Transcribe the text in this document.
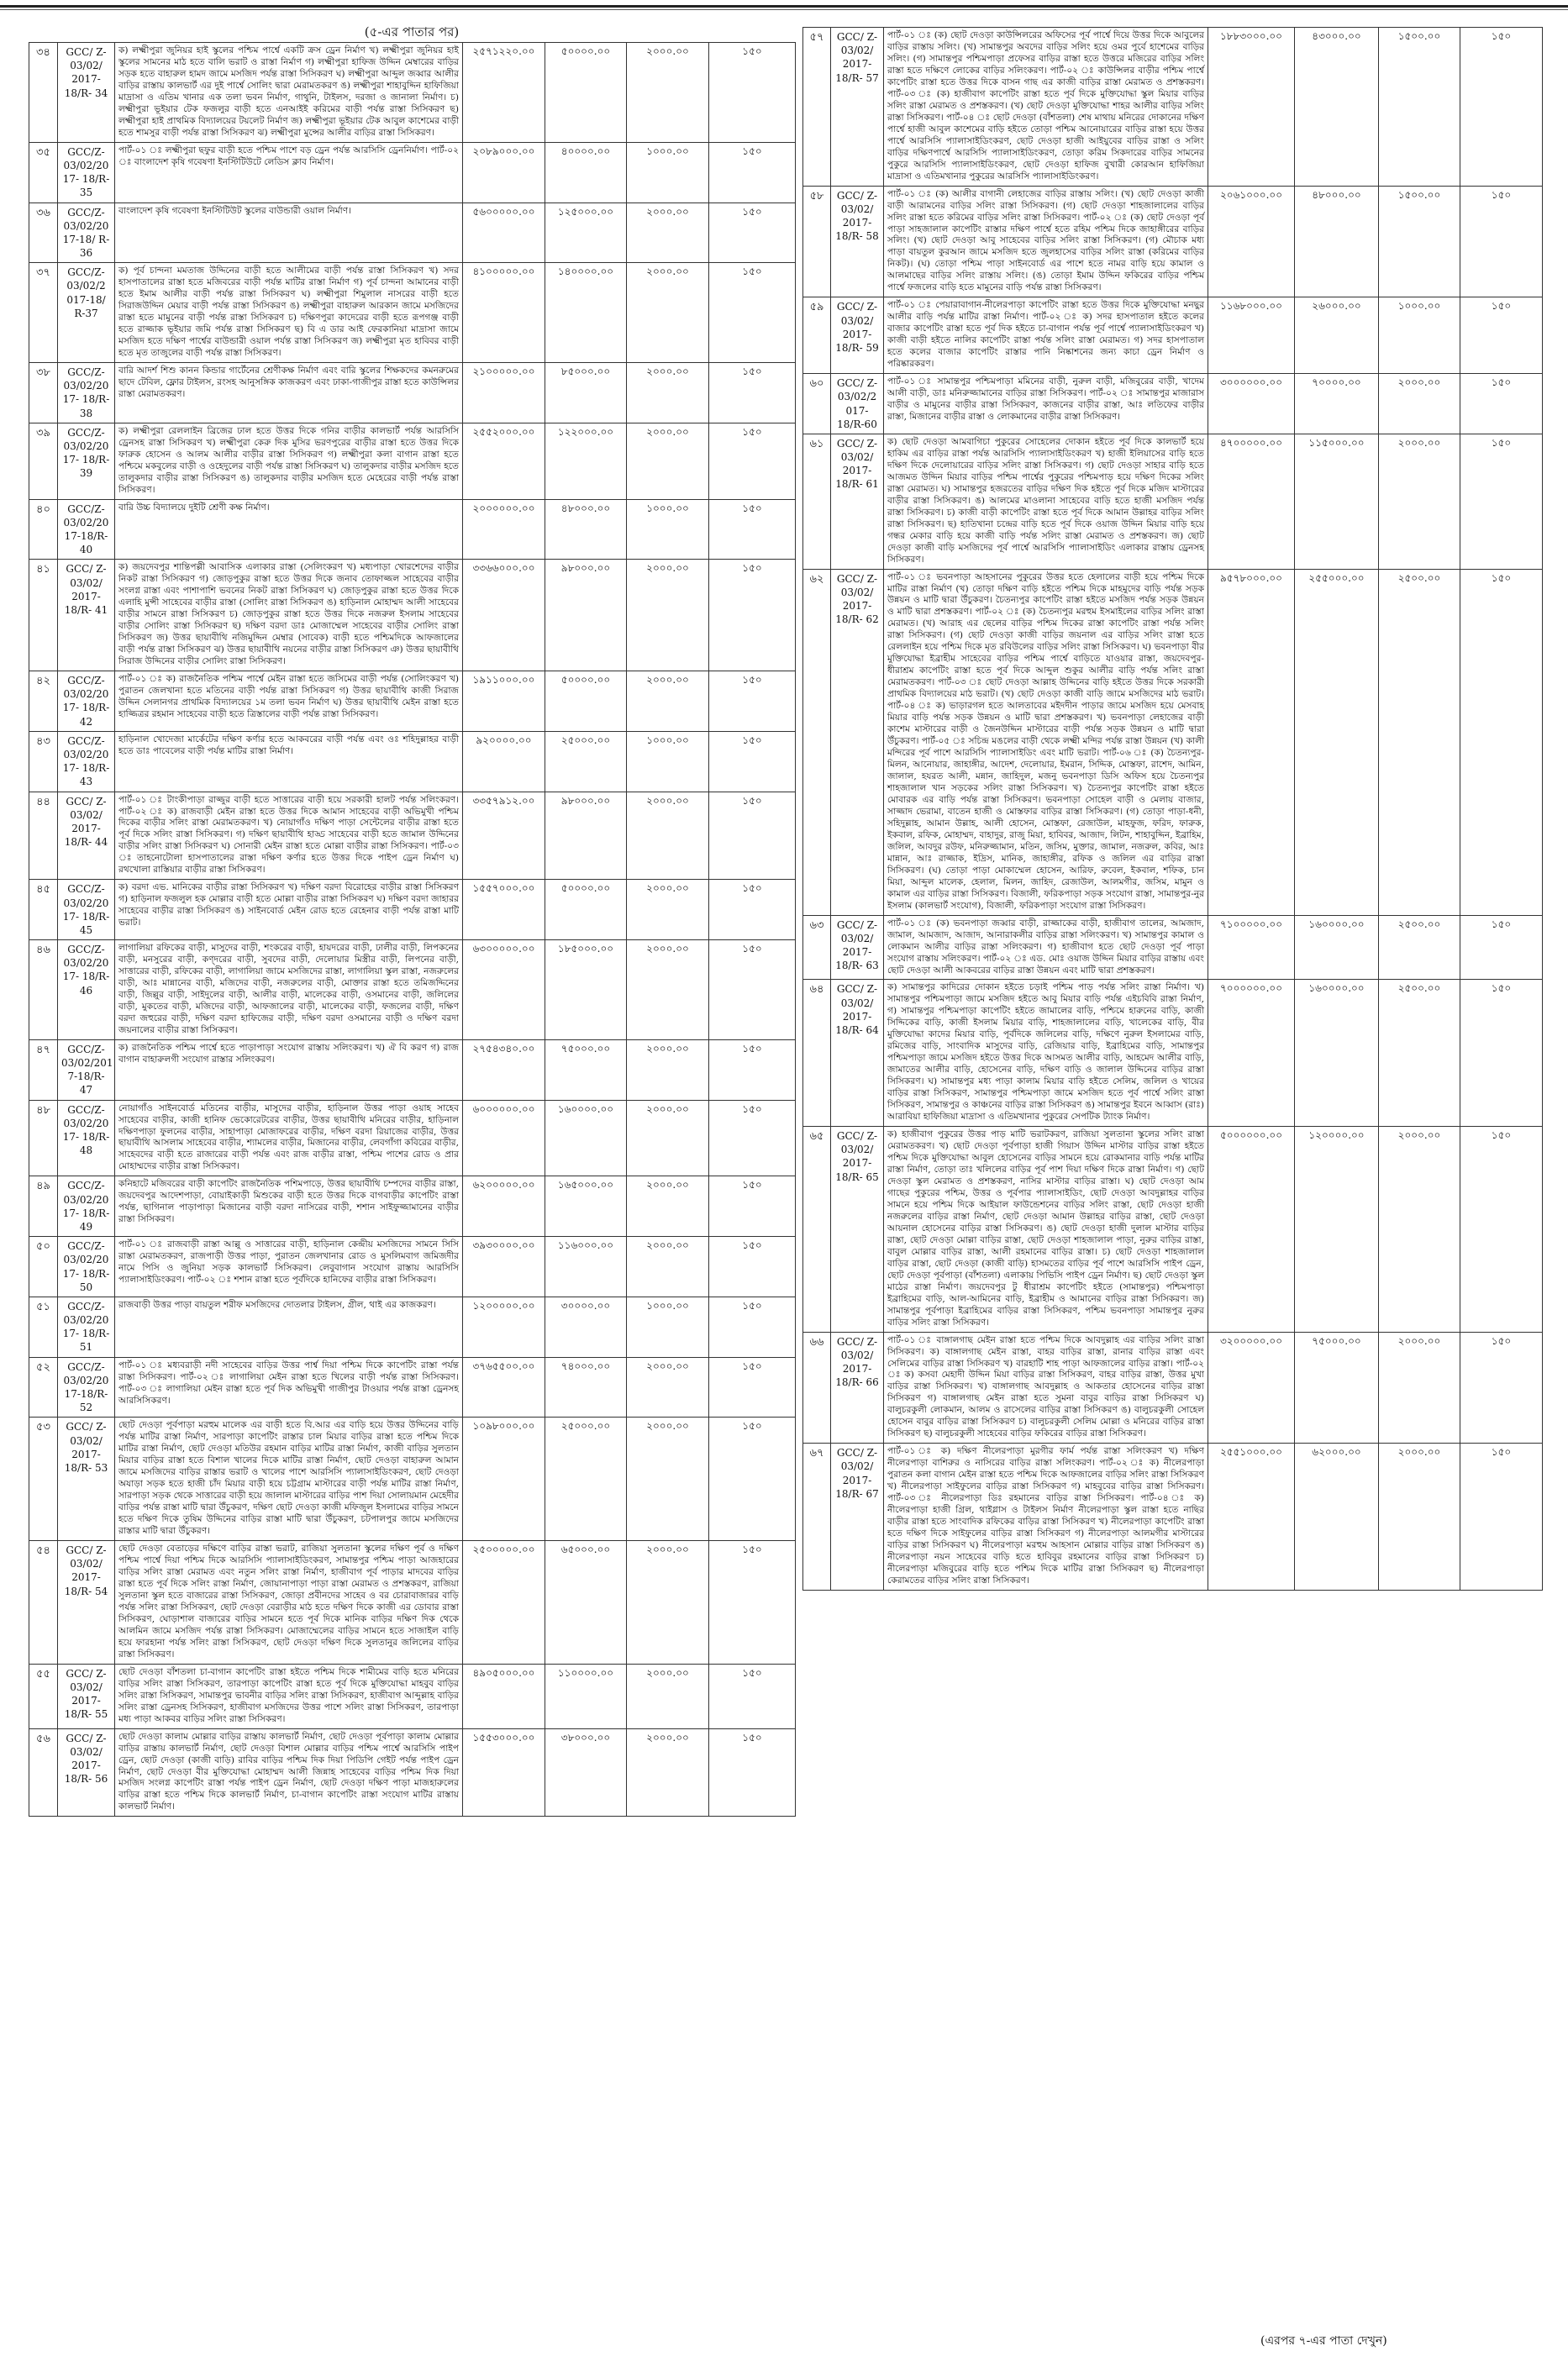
(৫-এর পাতার পর)
৩৪	GCC/ Z- 03/02/ 2017- 18/R- 34	ক) লক্ষ্মীপুরা জুনিয়র হাই স্কুলের পশ্চিম পার্শ্বে একটি ক্রস ড্রেন নির্মাণ খ) লক্ষ্মীপুরা জুনিয়র হাই স্কুলের সামনের মাঠ হতে বালি ভরাট ও রাস্তা নির্মাণ গ) লক্ষ্মীপুরা হাফিজ উদ্দিন মেম্বারের বাড়ির সড়ক হতে বাহারুল হামদ জামে মসজিদ পর্যন্ত রাস্তা সিসিকরণ ঘ) লক্ষ্মীপুরা আব্দুল জব্বার আলীর বাড়ির রাস্তায় কালভার্ট এর দুই পার্শ্বে সোলিং দ্বারা মেরামতকরণ ঙ) লক্ষ্মীপুরা শাহাবুদ্দিন হাফিজিয়া মাদ্রাসা ও এতিম খানার এক তলা ভবন নির্মাণ, গাথুনি, টাইলস, দরজা ও জানালা নির্মাণ। চ) লক্ষ্মীপুরা ভূইয়ার টেক ফজলুর বাড়ী হতে এনআইই করিমের বাড়ী পর্যন্ত রাস্তা সিসিকরণ ছ) লক্ষ্মীপুরা হাই প্রাথমিক বিদ্যালয়ের টয়লেট নির্মাণ জ) লক্ষ্মীপুরা ভূইয়ার টেক আবুল কাশেমের বাড়ী হতে শামসুর বাড়ী পর্যন্ত রাস্তা সিসিকরণ ঝ) লক্ষ্মীপুরা মুন্সের আলীর বাড়ির রাস্তা সিসিকরণ।	২৫৭১২২০.০০	৫০০০০.০০	২০০০.০০	১৫০
৩৫	GCC/Z- 03/02/20 17- 18/R-35	পার্ট-০১ ঃ লক্ষ্মীপুরা ছফুর বাড়ী হতে পশ্চিম পাশে বড় ড্রেন পর্যন্ত আরসিসি ড্রেননির্মাণ। পার্ট-০২ ঃ বাংলাদেশ কৃষি গবেষণা ইনস্টিটিউটে লেডিস ক্লাব নির্মাণ।	২০৮৯০০০.০০	৪০০০০.০০	১০০০.০০	১৫০
৩৬	GCC/Z- 03/02/20 17-18/ R-36	বাংলাদেশ কৃষি গবেষণা ইনস্টিটিউট স্কুলের বাউন্ডারী ওয়াল নির্মাণ।	৫৬০০০০০.০০	১২৫০০০.০০	২০০০.০০	১৫০
৩৭	GCC/Z- 03/02/2 017-18/ R-37	ক) পূর্ব চান্দনা মমতাজ উদ্দিনের বাড়ী হতে আলীমের বাড়ী পর্যন্ত রাস্তা সিসিকরণ খ) সদর হাসপাতালের রাস্তা হতে মজিবরের বাড়ী পর্যন্ত মাটির রাস্তা নির্মাণ গ) পূর্ব চান্দনা আমানের বাড়ী হতে ইমাম আলীর বাড়ী পর্যন্ত রাস্তা সিসিকরণ ঘ) লক্ষ্মীপুরা শিমুলাল নাসরের বাড়ী হতে সিরাজউদ্দিন মেয়ার বাড়ী পর্যন্ত রাস্তা সিসিকরণ ঙ) লক্ষ্মীপুরা বাহারুল আরকান জামে মসজিদের রাস্তা হতে মামুনের বাড়ী পর্যন্ত রাস্তা সিসিকরণ চ) দক্ষিণপুরা কাদেরের বাড়ী হতে রূপগঞ্জ বাড়ী হতে রাজ্জাক ভূইয়ার জমি পর্যন্ত রাস্তা সিসিকরণ ছ) বি এ ডার আই ফেরকানিয়া মাদ্রাসা জামে মসজিদ হতে দক্ষিণ পার্শ্বের বাউন্ডারী ওয়াল পর্যন্ত রাস্তা সিসিকরণ জ) লক্ষ্মীপুরা মৃত হাবিবর বাড়ী হতে মৃত তাজুলের বাড়ী পর্যন্ত রাস্তা সিসিকরণ।	৪১০০০০০.০০	১৪০০০০.০০	২০০০.০০	১৫০
৩৮	GCC/Z- 03/02/20 17- 18/R-38	বারি আদর্শ শিশু কানন কিন্ডার গার্টেনের শ্রেণীকক্ষ নির্মাণ এবং বারি স্কুলের শিক্ষকদের কমনরুমের ছাদে টেবিল, ফ্লোর টাইলস, রংসহ আনুসঙ্গিক কাজকরণ এবং ঢাকা-গাজীপুর রাস্তা হতে কাউন্সিলর রাস্তা মেরামতকরণ।	২১০০০০০.০০	৮৫০০০.০০	২০০০.০০	১৫০
৩৯	GCC/Z- 03/02/20 17- 18/R-39	ক) লক্ষ্মীপুরা রেললাইন ব্রিজের ঢাল হতে উত্তর দিকে গনির বাড়ীর কালভার্ট পর্যন্ত আরসিসি ড্রেনসহ রাস্তা সিসিকরণ খ) লক্ষ্মীপুরা কেরু দিক মুসির ভরণপুরের বাড়ীর রাস্তা হতে উত্তর দিকে ফারুক হোসেন ও আলম আলীর বাড়ীর রাস্তা সিসিকরণ গ) লক্ষ্মীপুরা কলা বাগান রাস্তা হতে পশ্চিমে মকবুলের বাড়ী ও ওহেদুলের বাড়ী পর্যন্ত রাস্তা সিসিকরণ ঘ) তালুকদার বাড়ীর মসজিদ হতে তালুকদার বাড়ীর রাস্তা সিসিকরণ ঙ) তালুকদার বাড়ীর মসজিদ হতে মেহেরের বাড়ী পর্যন্ত রাস্তা সিসিকরণ।	২৫৫২০০০.০০	১২২০০০.০০	২০০০.০০	১৫০
৪০	GCC/Z- 03/02/20 17-18/R- 40	বারি উচ্চ বিদ্যালয়ে দুইটি শ্রেণী কক্ষ নির্মাণ।	২০০০০০০.০০	৪৮০০০.০০	১০০০.০০	১৫০
৪১	GCC/ Z- 03/02/ 2017- 18/R- 41	ক) জয়দেবপুর শান্তিপল্লী আবাসিক এলাকার রাস্তা (সেলিংকরণ খ) মধ্যপাড়া খোরশেদের বাড়ীর নিকট রাস্তা সিসিকরণ গ) জোড়পুকুর রাস্তা হতে উত্তর দিকে জনাব তোফাজ্জল সাহেবের বাড়ীর সংলগ্ন রাস্তা এবং পাশাপাশি ভবনের নিকট রাস্তা সিসিকরণ ঘ) জোড়পুকুর রাস্তা হতে উত্তর দিকে এলাহি মুন্সী সাহেবের বাড়ীর রাস্তা (সোলিং রাস্তা সিসিকরণ ঙ) হাড়িনাল মোহাম্মদ আলী সাহেবের বাড়ীর সামনে রাস্তা সিসিকরণ চ) জোড়পুকুর রাস্তা হতে উত্তর দিকে নজরুল ইসলাম সাহেবের বাড়ীর সোলিং রাস্তা সিসিকরণ ছ) দক্ষিণ বরদা ডাঃ মোজাম্মেল সাহেবের বাড়ীর সোলিং রাস্তা সিসিকরণ জ) উত্তর ছায়াবীথি নজিমুদ্দিন মেম্বার (সাবেক) বাড়ী হতে পশ্চিমদিকে আফজালের বাড়ী পর্যন্ত রাস্তা সিসিকরণ ঝ) উত্তর ছায়াবীথি নয়নের বাড়ীর রাস্তা সিসিকরণ ঞ) উত্তর ছায়াবীথি সিরাজ উদ্দিনের বাড়ীর সোলিং রাস্তা সিসিকরণ।	৩৩৬৬০০০.০০	৯৮০০০.০০	২০০০.০০	১৫০
৪২	GCC/Z- 03/02/20 17- 18/R-42	পার্ট-০১ ঃ ক) রাজনৈতিক পশ্চিম পার্শ্বে মেইন রাস্তা হতে জসিমের বাড়ী পর্যন্ত (সোলিংকরণ খ) পুরাতন জেলখানা হতে মতিনের বাড়ী পর্যন্ত রাস্তা সিসিকরণ গ) উত্তর ছায়াবীথি কাজী সিরাজ উদ্দিন সেলানগর প্রাথমিক বিদ্যালয়ের ১ম তলা ভবন নির্মাণ ঘ) উত্তর ছায়াবীথি মেইন রাস্তা হতে হাজ্জিত্রর রহমান সাহেবের বাড়ী হতে ত্রিস্তালের বাড়ী পর্যন্ত রাস্তা সিসিকরণ।	১৯১১০০০.০০	৫০০০০.০০	২০০০.০০	১৫০
৪৩	GCC/Z- 03/02/20 17- 18/R-43	হাড়িনাল খোদেজা মার্কেটের দক্ষিণ কর্ণার হতে আকবরের বাড়ী পর্যন্ত এবং ওঃ শহিদুল্লাহর বাড়ী হতে ডাঃ পাবেলের বাড়ী পর্যন্ত মাটির রাস্তা নির্মাণ।	৯২০০০০.০০	২৫০০০.০০	১০০০.০০	১৫০
৪৪	GCC/ Z- 03/02/ 2017- 18/R- 44	পার্ট-০১ ঃ টাংকীপাড়া রাজ্জুর বাড়ী হতে সাত্তারের বাড়ী হয়ে সরকারী হালট পর্যন্ত সলিংকরণ। পার্ট-০২ ঃ ক) রাজবাড়ী মেইন রাস্তা হতে উত্তর দিকে আমান সাহেবের বাড়ী অভিমুখী পশ্চিম দিকের বাড়ীর সলিং রাস্তা মেরামতকরণ। খ) নোয়াগাঁও দক্ষিণ পাড়া সেন্টেলের বাড়ীর রাস্তা হতে পূর্ব দিকে সলিং রাস্তা সিসিকরণ। গ) দক্ষিণ ছায়াবীথি হাড্ড সাহেবের বাড়ী হতে জামাল উদ্দিনের বাড়ীর সলিং রাস্তা সিসিকরণ ঘ) সোনারী মেইন রাস্তা হতে মোল্লা বাড়ীর রাস্তা সিসিকরণ। পার্ট-০৩ ঃ তাহনোটোলা হাসপাতালের রাস্তা দক্ষিণ কর্ণার হতে উত্তর দিকে পাইপ ড্রেন নির্মাণ ঘ) রথখোলা রাস্তিয়ার বাড়ীর রাস্তা সিসিকরণ।	৩৩৫৭৯১২.০০	৯৮০০০.০০	২০০০.০০	১৫০
৪৫	GCC/Z- 03/02/20 17- 18/R-45	ক) বরদা এভ. মানিকের বাড়ীর রাস্তা সিসিকরণ খ) দক্ষিণ বরদা বিরোহের বাড়ীর রাস্তা সিসিকরণ গ) হাড়িনাল ফজলুল হক মোল্লার বাড়ী হতে মোল্লা বাড়ীর রাস্তা সিসিকরণ ঘ) দক্ষিণ বরদা জাহারর সাহেবের বাড়ীর রাস্তা সিসিকরণ ঙ) সাইনবোর্ড মেইন রোড হতে রেহেনার বাড়ী পর্যন্ত রাস্তা মাটি ভরাট।	১৫৫৭০০০.০০	৫০০০০.০০	২০০০.০০	১৫০
৪৬	GCC/Z- 03/02/20 17- 18/R- 46	লাগালিয়া রফিকের বাড়ী, মাসুদের বাড়ী, শংকরের বাড়ী, হায়দরের বাড়ী, ঢালীর বাড়ী, লিপকনের বাড়ী, মনসুরের বাড়ী, কণ্দরের বাড়ী, সুবদের বাড়ী, দেলোয়ার মিস্ত্রীর বাড়ী, লিপনের বাড়ী, সাত্তারের বাড়ী, রফিকের বাড়ী, লাগালিয়া জামে মসজিদের রাস্তা, লাগালিয়া স্কুল রাস্তা, নজরুলের বাড়ী, আঃ মান্নানের বাড়ী, মজিদের বাড়ী, নজরুলের বাড়ী, মোক্তার রাস্তা হতে তমিজদ্দিনের বাড়ী, জিল্লুর বাড়ী, সাইদুলের বাড়ী, আলীর বাড়ী, মালেকের বাড়ী, ওসমানের বাড়ী, জলিলের বাড়ী, মুকতের বাড়ী, মজিদের বাড়ী, আফজালের বাড়ী, মালেকের বাড়ী, ফজলের বাড়ী, দক্ষিণ বরদা জহুরের বাড়ী, দক্ষিণ বরদা হাফিজের বাড়ী, দক্ষিণ বরদা ওসমানের বাড়ী ও দক্ষিণ বরদা জয়নালের বাড়ীর রাস্তা সিসিকরণ।	৬৩০০০০০.০০	১৮৫০০০.০০	২০০০.০০	১৫০
৪৭	GCC/Z- 03/02/201 7-18/R-47	ক) রাজনৈতিক পশ্চিম পার্শ্বে হতে পাড়াপাড়া সংযোগ রাস্তায় সলিংকরণ। খ) ঐ বি করণ গ) রাজ বাগান বাহারুলগী সংযোগ রাস্তার সলিংকরণ।	২৭৫৪৩৪০.০০	৭৫০০০.০০	২০০০.০০	১৫০
৪৮	GCC/Z- 03/02/20 17- 18/R-48	নোয়াগাঁও সাইনবোর্ড মতিনের বাড়ীর, মাসুদের বাড়ীর, হাড়িনাল উত্তর পাড়া ওয়াহ সাহেব সাহেবের বাড়ীর, কাজী হানিফ ভেকোরেটরের বাড়ীর, উত্তর ছায়াবীথি মনিরের বাড়ীর, হাড়িনাল দক্ষিণপাড়া ফুলনের বাড়ীর, সাহাপাড়া মোজাফরের বাড়ীর, দক্ষিণ বরদা রিয়াজের বাড়ীর, উত্তর ছায়াবীথি আসলাম সাহেবের বাড়ীর, শ্যামলের বাড়ীর, মিজানের বাড়ীর, লেবগাঁগা কবিরের বাড়ীর, সাহেবদের বাড়ী হতে রাজারের বাড়ী পর্যন্ত এবং রাজ বাড়ীর রাস্তা, পশ্চিম পাশের রোড ও প্রার মোহাম্মদের বাড়ীর রাস্তা সিসিকরণ।	৬০০০০০০.০০	১৬০০০০.০০	২০০০.০০	১৫০
৪৯	GCC/Z- 03/02/20 17- 18/R-49	কনিহাটে মজিবরের বাড়ী কাপেটিং রাজনৈতিক পশিমপাড়ে, উত্তর ছায়াবীথি চম্পদের বাড়ীর রাস্তা, জয়দেবপুর আদেশপাড়া, বোয়াইকাড়ী মিশুকের বাড়ী হতে উত্তর দিকে বাগবাড়ীর কাপেটিং রাস্তা পর্যন্ত, ছাগিনাল পাড়াপাড়া মিজানের বাড়ী বরদা নাসিরের বাড়ী, শশান সাইফুজ্জামানের বাড়ীর রাস্তা সিসিকরণ।	৬২০০০০০.০০	১৬৫০০০.০০	২০০০.০০	১৫০
৫০	GCC/Z- 03/02/20 17- 18/R-50	পার্ট-০১ ঃ রাজবাড়ী রাস্তা আল্লু ও সাত্তারের বাড়ী, হাড়িনাল কেন্দ্রীয় মসজিদের সামনে সিসি রাস্তা মেরামতকরণ, রাজপাড়ী উত্তর পাড়া, পুরাতন জেলখানার রোড ও মুসলিমবাগ জমিজদীর নামে পিসি ও জুনিয়া সড়ক কালভার্ট সিসিকরণ। লেবুবাগান সংযোগ রাস্তায় আরসিসি প্যালাসাইডিংকরণ। পার্ট-০২ ঃ শশান রাস্তা হতে পূর্বদিকে হানিফের বাড়ীর রাস্তা সিসিকরণ।	৩৯৩০০০০.০০	১১৬০০০.০০	২০০০.০০	১৫০
৫১	GCC/Z- 03/02/20 17- 18/R-51	রাজবাড়ী উত্তর পাড়া বায়তুল শরীফ মসজিদের দোতলার টাইলস, গ্রীল, থাই এর কাজকরণ।	১২০০০০০.০০	৩০০০০.০০	১০০০.০০	১৫০
৫২	GCC/Z- 03/02/20 17-18/R- 52	পার্ট-০১ ঃ মধ্যবরাড়ী নদী সাহেবের বাড়ির উত্তর পার্শ্ব দিয়া পশ্চিম দিকে কাপেটিং রাস্তা পর্যন্ত রাস্তা সিসিকরণ। পার্ট-০২ ঃ লাগালিয়া মেইন রাস্তা হতে খিলের বাড়ী পর্যন্ত রাস্তা সিসিকরণ। পার্ট-০৩ ঃ লাগালিয়া মেইন রাস্তা হতে পূর্ব দিক অভিমুখী গাজীপুর টাওয়ার পর্যন্ত রাস্তা ড্রেনসহ আরসিসিকরণ।	৩৭৬৫৫০০.০০	৭৪০০০.০০	২০০০.০০	১৫০
৫৩	GCC/ Z- 03/02/ 2017- 18/R- 53	ছোট দেওড়া পূর্বপাড়া মরহুম মালেক এর বাড়ী হতে বি.আর এর বাড়ি হয়ে উত্তর উদ্দিনের বাড়ি পর্যন্ত মাটির রাস্তা নির্মাণ, সারপাড়া কাপেটিং রাস্তার চাল মিয়ার বাড়ির রাস্তা হতে পশ্চিম দিকে মাটির রাস্তা নির্মাণ, ছোট দেওড়া মতিউর রহমান বাড়ির মাটির রাস্তা নির্মাণ, কাজী বাড়ির সুলতান মিয়ার বাড়ির রাস্তা হতে বিশাল খালের দিকে মাটির রাস্তা নির্মাণ, ছোট দেওড়া বাহারুল আমান জামে মসজিদের বাড়ির রাস্তার ভরাট ও খালের পাশে আরসিসি প্যালাসাইডিংকরণ, ছোট দেওড়া অযাড়া সড়ক হতে হাজী চাঁদ মিয়ার বাড়ী হয়ে চট্টগ্রাম মাস্টারের বাড়ী পর্যন্ত মাটির রাস্তা নির্মাণ, সারপাড়া সড়ক থেকে সাত্তারের বাড়ী হয়ে জালাল মাস্টারের বাড়ির পাশ দিয়া সোলায়মান মেহেদীর বাড়ির পর্যন্ত রাস্তা মাটি দ্বারা উঁচুকরণ, দক্ষিণ ছোট দেওড়া কাজী মফিজুল ইসলামের বাড়ির সামনে হতে দক্ষিণ দিকে তুষিম উদ্দিনের বাড়ির রাস্তা মাটি দ্বারা উঁচুকরণ, চটপালপুর জামে মসজিদের রাস্তার মাটি দ্বারা উঁচুকরণ।	১০৯৮০০০.০০	২৫০০০.০০	২০০০.০০	১৫০
৫৪	GCC/ Z- 03/02/ 2017- 18/R- 54	ছোট দেওড়া বেতাড়ের দক্ষিণে বাড়ির রাস্তা ভরাট, রাজিয়া সুলতানা স্কুলের দক্ষিণ পূর্ব ও দক্ষিণ পশ্চিম পার্শ্বে দিয়া পশ্চিম দিকে আরসিসি প্যালাসাইডিংকরণ, সামান্তপুর পশ্চিম পাড়া আজহারের বাড়ির সলিং রাস্তা মেরামত এবং নতুন সলিং রাস্তা নির্মাণ, হাজীবাগ পূর্ব পাড়ার মাদবের বাড়ির রাস্তা হতে পূর্ব দিকে সলিং রাস্তা নির্মাণ, জোয়ানাপাড়া পাড়া রাস্তা মেরামত ও প্রশস্তকরণ, রাজিয়া সুলতানা স্কুল হতে বাজারের রাস্তা সিসিকরণ, জোড়া প্রবীনদের সাহেব ও বর চোরাবাজারর বাড়ি পর্যন্ত সলিং রাস্তা সিসিকরণ, ছোট দেওড়া বেরাড়ীর মাঠ হতে দক্ষিণ দিকে কাজী এর ডোবার রাস্তা সিসিকরণ, ঘোড়াশাল বাজারের বাড়ির সামনে হতে পূর্ব দিকে মানিক বাড়ির দক্ষিণ দিক থেকে আলমিন জামে মসজিদ পর্যন্ত রাস্তা সিসিকরণ। মোজাম্মেলের বাড়ির সামনে হতে সাজাইল বাড়ি হয়ে ফারহানা পর্যন্ত সলিং রাস্তা সিসিকরণ, ছোট দেওড়া দক্ষিণ দিকে সুলতানুর জলিলের বাড়ির রাস্তা সিসিকরণ।	২৫০০০০০.০০	৬৫০০০.০০	২০০০.০০	১৫০
৫৫	GCC/ Z- 03/02/ 2017- 18/R- 55	ছোট দেওড়া বাঁশতলা চা-বাগান কাপেটিং রাস্তা হইতে পশ্চিম দিকে শামীমের বাড়ি হতে মনিরের বাড়ির সলিং রাস্তা সিসিকরণ, তারপাড়া কাপেটিং রাস্তা হতে পূর্ব দিকে মুক্তিযোদ্ধা মাহবুব বাড়ির সলিং রাস্তা সিসিকরণ, সামান্তপুর ভাবনীর বাড়ির সলিং রাস্তা সিসিকরণ, হাজীবাগ আব্দুল্লাহ বাড়ির সলিং রাস্তা ড্রেনসহ সিসিকরণ, হাজীবাগ মসজিদের উত্তর পাশে সলিং রাস্তা সিসিকরণ, তারপাড়া মধ্য পাড়া আকবর বাড়ির সলিং রাস্তা সিসিকরণ।	৪৯০৫০০০.০০	১১০০০০.০০	২০০০.০০	১৫০
৫৬	GCC/ Z- 03/02/ 2017- 18/R- 56	ছোট দেওড়া কালাম মোল্লার বাড়ির রাস্তায় কালভার্ট নির্মাণ, ছোট দেওড়া পূর্বপাড়া কালাম মোল্লার বাড়ির রাস্তায় কালভার্ট নির্মাণ, ছোট দেওড়া বিশাল মোল্লার বাড়ির পশ্চিম পার্শ্বে আরসিসি পাইপ ড্রেন, ছোট দেওড়া (কাজী বাড়ি) রাবির বাড়ির পশ্চিম দিক দিয়া পিডিপি গেইট পর্যন্ত পাইপ ড্রেন নির্মাণ, ছোট দেওড়া বীর মুক্তিযোদ্ধা মোহাম্মদ আলী জিন্নাহ সাহেবের বাড়ির পশ্চিম দিক দিয়া মসজিদ সংলগ্ন কাপেটিং রাস্তা পর্যন্ত পাইপ ড্রেন নির্মাণ, ছোট দেওড়া দক্ষিণ পাড়া মাজহারুলের বাড়ির রাস্তা হতে পশ্চিম দিকে কালভার্ট নির্মাণ, চা-বাগান কাপেটিং রাস্তা সংযোগ মাটির রাস্তায় কালভার্ট নির্মাণ।	১৫৫৩০০০.০০	৩৮০০০.০০	২০০০.০০	১৫০
৫৭	GCC/ Z- 03/02/ 2017- 18/R- 57	পার্ট-০১ ঃ (ক) ছোট দেওড়া কাউন্সিলরের অফিসের পূর্ব পার্শ্বে দিয়ে উত্তর দিকে আবুলের বাড়ির রাস্তায় সলিং। (খ) সামান্তপুর অবদের বাড়ির সলিং হয়ে ওমর পুর্বে হাশেমের বাড়ির সলিং। (গ) সামান্তপুর পশ্চিমপাড়া প্রফেসর বাড়ির রাস্তা হতে উত্তরে মজিরের বাড়ির সলিং রাস্তা হতে দক্ষিণে লোকের বাড়ির সলিংকরণ। পার্ট-০২ ঃ কাউন্সিলর বাড়ীর পশ্চিম পার্শ্বে কাপেটিং রাস্তা হতে উত্তর দিকে বাসন গাছ এর কাজী বাড়ির রাস্তা মেরামত ও প্রশস্তকরণ। পার্ট-০৩ ঃ (ক) হাজীবাগ কাপেটিং রাস্তা হতে পূর্ব দিকে মুক্তিযোদ্ধা স্কুল মিয়ার বাড়ির সলিং রাস্তা মেরামত ও প্রশস্তকরণ। (খ) ছোট দেওড়া মুক্তিযোদ্ধা শাহর আলীর বাড়ির সলিং রাস্তা সিসিকরণ। পার্ট-০৪ ঃ ছোট দেওড়া (বাঁশতলা) শেষ মাথায় মনিরের দোকানের দক্ষিণ পার্শ্বে হাজী আবুল কাশেমের বাড়ি হইতে তোড়া পশ্চিম আনোয়ারের বাড়ির রাস্তা হয়ে উত্তর পার্শ্বে আরসিসি প্যালাসাইডিংকরণ, ছোট দেওড়া হাজী আইয়ুবের বাড়ির রাস্তা ও সলিং বাড়ির দক্ষিণপার্শ্বে আরসিসি প্যালাসাইডিংকরণ, তোড়া করিম সিকদারের বাড়ির সামনের পুকুরে আরসিসি প্যালাসাইডিংকরণ, ছোট দেওড়া হাফিজ বুখারী কোরআন হাফিজিয়া মাদ্রাসা ও এতিমখানার পুকুরের আরসিসি প্যালাসাইডিংকরণ।	১৮৮৩০০০.০০	৪৩০০০.০০	১৫০০.০০	১৫০
৫৮	GCC/ Z- 03/02/ 2017- 18/R- 58	পার্ট-০১ ঃ (ক) আলীর বাগানী লেহাজের বাড়ির রাস্তায় সলিং। (খ) ছোট দেওড়া কাজী বাড়ী আরামনের বাড়ির সলিং রাস্তা সিসিকরণ। (গ) ছোট দেওড়া শাহজালালের বাড়ির সলিং রাস্তা হতে করিমের বাড়ির সলিং রাস্তা সিসিকরণ। পার্ট-০২ ঃ (ক) ছোট দেওড়া পূর্ব পাড়া সাহজালাল কাপেটিং রাস্তার দক্ষিণ পার্শ্বে হতে রহিম পশ্চিম দিকে জাহাঙ্গীরের বাড়ির সলিং। (খ) ছোট দেওড়া আবু সাহেবের বাড়ির সলিং রাস্তা সিসিকরণ। (গ) মৌচাক মধ্য পাড়া বায়তুল কুরআন জামে মসজিদ হতে জুলহাসের বাড়ির সলিং রাস্তা (করিমের বাড়ির নিকট)। (ঘ) তোড়া পশ্চিম পাড়া সাইনবোর্ড এর পাশে হতে নামর বাড়ি হয়ে কামাল ও আলমাছের বাড়ির সলিং রাস্তায় সলিং। (ঙ) তোড়া ইমাম উদ্দিন ফকিরের বাড়ির পশ্চিম পার্শ্বে ফজলের বাড়ি হতে মামুনের বাড়ি পর্যন্ত রাস্তা সিসিকরণ।	২০৬১০০০.০০	৪৮০০০.০০	১৫০০.০০	১৫০
৫৯	GCC/ Z- 03/02/ 2017- 18/R- 59	পার্ট-০১ ঃ পেয়ারাবাগান-নীলেরপাড়া কাপেটিং রাস্তা হতে উত্তর দিকে মুক্তিযোদ্ধা মনছুর আলীর বাড়ি পর্যন্ত মাটির রাস্তা নির্মাণ। পার্ট-০২ ঃ ক) সদর হাসপাতাল হইতে কলের বাজার কাপেটিং রাস্তা হতে পূর্ব দিক হইতে চা-বাগান পর্যন্ত পূর্ব পার্শ্বে প্যালাসাইডিংকরণ খ) কাজী বাড়ী হইতে নালির কাপেটিং রাস্তা পর্যন্ত সলিং রাস্তা মেরামত। গ) সদর হাসপাতাল হতে কলের বাজার কাপেটিং রাস্তার পানি নিষ্কাশনের জন্য কাচা ড্রেন নির্মাণ ও পরিষ্কারকরণ।	১১৬৮০০০.০০	২৬০০০.০০	১০০০.০০	১৫০
৬০	GCC/ Z- 03/02/2 017- 18/R-60	পার্ট-০১ ঃ সামান্তপুর পশ্চিমপাড়া মমিনের বাড়ী, নুরুল বাড়ী, মজিবুরের বাড়ী, খাদেম আলী বাড়ী, ডাঃ মনিরুজ্জামানের বাড়ির রাস্তা সিসিকরণ। পার্ট-০২ ঃ সামান্তপুর মাজারাস বাড়ীর ও মামুনের বাড়ীর রাস্তা সিসিকরণ, কাজনের বাড়ীর রাস্তা, আঃ লতিফের বাড়ীর রাস্তা, মিজানের বাড়ীর রাস্তা ও লোকমানের বাড়ীর রাস্তা সিসিকরণ।	৩০০০০০০.০০	৭০০০০.০০	২০০০.০০	১৫০
৬১	GCC/ Z- 03/02/ 2017- 18/R- 61	ক) ছোট দেওড়া আমবাগিচা পুকুরের সোহেলের দোকান হইতে পূর্ব দিকে কালভার্ট হয়ে হাকিম এর বাড়ির রাস্তা পর্যন্ত আরসিসি প্যালাসাইডিংকরণ খ) হাজী ইলিয়াসের বাড়ি হতে দক্ষিণ দিকে দেলোয়ারের বাড়ির সলিং রাস্তা সিসিকরণ। গ) ছোট দেওড়া সাহার বাড়ি হতে আজমত উদ্দিন মিয়ার বাড়ির পশ্চিম পার্শ্বের পুকুরের পশ্চিমপাড় হয়ে দক্ষিণ দিকের সলিং রাস্তা মেরামত। ঘ) সামান্তপুর হজরতের বাড়ির দক্ষিণ দিক হইতে পূর্ব দিকে মজিদ মাস্টারের বাড়ীর রাস্তা সিসিকরণ। ঙ) আলমের মাওলানা সাহেবের বাড়ি হতে হাজী মসজিদ পর্যন্ত রাস্তা সিসিকরণ। চ) কাজী বাড়ী কাপেটিং রাস্তা হতে পূর্ব দিকে আমান উল্লাহর বাড়ির সলিং রাস্তা সিসিকরণ। ছ) হাতিখানা চন্দ্রের বাড়ি হতে পূর্ব দিকে ওয়াজ উদ্দিন মিয়ার বাড়ি হয়ে গন্ধর মেকার বাড়ি হয়ে কাজী বাড়ি পর্যন্ত সলিং রাস্তা মেরামত ও প্রশস্তকরণ। জ) ছোট দেওড়া কাজী বাড়ি মসজিদের পূর্ব পার্শ্বে আরসিসি প্যালাসাইডিং এলাকার রাস্তায় ড্রেনসহ সিসিকরণ।	৪৭০০০০০.০০	১১৫০০০.০০	২০০০.০০	১৫০
৬২	GCC/ Z- 03/02/ 2017- 18/R- 62	পার্ট-০১ ঃ ভবনপাড়া আহসানের পুকুরের উত্তর হতে হেলালের বাড়ী হয়ে পশ্চিম দিকে মাটির রাস্তা নির্মাণ (খ) তোড়া দক্ষিণ বাড়ি হইতে পশ্চিম দিকে মাহমুদের বাড়ি পর্যন্ত সড়ক উন্নয়ন ও মাটি দ্বারা উঁচুকরণ। চৈতন্যপুর কাপেটিং রাস্তা হইতে মসজিদ পর্যন্ত সড়ক উন্নয়ন ও মাটি দ্বারা প্রশস্তকরণ। পার্ট-০২ ঃ (ক) চৈতন্যপুর মরহুম ইসমাইলের বাড়ির সলিং রাস্তা মেরামত। (খ) আরাহ এর ছেলের বাড়ির পশ্চিম দিকের রাস্তা কাপেটিং রাস্তা পর্যন্ত সলিং রাস্তা সিসিকরণ। (গ) ছোট দেওড়া কাজী বাড়ির জয়নাল এর বাড়ির সলিং রাস্তা হতে রেললাইন হয়ে পশ্চিম দিকে মৃত রবিউলের বাড়ির সলিং রাস্তা সিসিকরণ। ঘ) ভবনপাড়া বীর মুক্তিযোদ্ধা ইব্রাহীম সাহেবের বাড়ির পশ্চিম পার্শ্বে বাড়িতে যাওয়ার রাস্তা, জয়দেবপুর-ধীরাশ্রম কাপেটিং রাস্তা হতে পূর্ব দিকে আব্দুল শুকুর আলীর বাড়ি পর্যন্ত সলিং রাস্তা মেরামতকরণ। পার্ট-০৩ ঃ ছোট দেওড়া আল্লাহ উদ্দিনের বাড়ি হইতে উত্তর দিকে সরকারী প্রাথমিক বিদ্যালয়ের মাঠ ভরাট। (খ) ছোট দেওড়া কাজী বাড়ি জামে মসজিদের মাঠ ভরাট। পার্ট-০৪ ঃ ক) ভাড়ারগল হতে আলতাবের মইদদীন পাড়ার জামে মসজিদ হয়ে মেসবাহ মিয়ার বাড়ি পর্যন্ত সড়ক উন্নয়ন ও মাটি দ্বারা প্রশস্তকরণ। খ) ভবনপাড়া লেহাজের বাড়ী কাশেম মাস্টারের বাড়ী ও জৈনউদ্দিন মাস্টারের বাড়ী পর্যন্ত সড়ক উন্নয়ন ও মাটি দ্বারা উঁচুকরণ। পার্ট-০৫ ঃ সচিন্দ্র মঙলের বাড়ী থেকে লক্ষ্মী মন্দির পর্যন্ত রাস্তা উন্নয়ন (খ) কালী মন্দিরের পূর্ব পাশে আরসিসি প্যালাসাইডিং এবং মাটি ভরাট। পার্ট-০৬ ঃ (ক) চৈতন্যপুর-মিলন, আনোয়ার, জাহাঙ্গীর, আদেশ, দেলোয়ার, ইমরান, সিদ্দিক, মোস্তফা, রাশেদ, আমিন, জালাল, হযরত আলী, মন্নান, জাহিদুল, মজনু ভবনপাড়া ডিসি অফিস হয়ে চৈতন্যপুর শাহজালাল খান সড়কের সলিং রাস্তা সিসিকরণ। খ) চৈতন্যপুর কাপেটিং রাস্তা হইতে মোবারক এর বাড়ি পর্যন্ত রাস্তা সিসিকরণ। ভবনপাড়া সোহেল বাড়ী ও মেলায় বাজার, সাজ্জাদ ভেরামা, বাতেন হাজী ও মোস্তফার বাড়ির রাস্তা সিসিকরণ। (গ) তোড়া পাড়া-ধনী, সহিদুল্লাহ, আমান উল্লাহ, আলী হোসেন, মোস্তফা, রেজাউল, মাহফুজ, ফরিদ, ফারুক, ইকবাল, রফিক, মোহাম্মদ, বাহাদুর, রাজু মিয়া, হাবিবর, আজাদ, লিটন, শাহাবুদ্দিন, ইব্রাহিম, জলিল, আবদুর রউফ, মনিরুজ্জামান, মতিন, জসিম, মুক্তার, জামাল, নজরুল, কবির, আঃ মান্নান, আঃ রাজ্জাক, ইদ্রিস, মানিক, জাহাঙ্গীর, রফিক ও জলিল এর বাড়ির রাস্তা সিসিকরণ। (ঘ) তোড়া পাড়া মোকাম্মেল হোসেন, আরিফ, রুবেল, ইকবাল, শফিক, চান মিয়া, আব্দুল মালেক, হেলাল, মিলন, জাহিদ, রেজাউল, আলমগীর, জসিম, মামুন ও কামাল এর বাড়ির রাস্তা সিসিকরণ। বিজালী, ফরিকপাড়া সড়ক সংযোগ রাস্তা, সামান্তপুর-নুর ইসলাম (কালভার্ট সংযোগ), বিজালী, ফরিকপাড়া সংযোগ রাস্তা সিসিকরণ।	৯৫৭৮০০০.০০	২৫৫০০০.০০	২৫০০.০০	১৫০
৬৩	GCC/ Z- 03/02/ 2017- 18/R- 63	পার্ট-০১ ঃ (ক) ভবনপাড়া জব্বার বাড়ী, রাজ্জাকের বাড়ী, হাজীবাগ তালের, আমজাদ, জামাল, আমজাদ, আজাদ, আনারাকলীর বাড়ির রাস্তা সলিংকরণ। খ) সামান্তপুর কামাল ও লোকমান আলীর বাড়ির রাস্তা সলিংকরণ। গ) হাজীবাগ হতে ছোট দেওড়া পূর্ব পাড়া সংযোগ রাস্তায় সলিংকরণ। পার্ট-০২ ঃ এড. মোঃ ওয়াজ উদ্দিন মিয়ার বাড়ির রাস্তায় এবং ছোট দেওড়া আলী আকবরের বাড়ির রাস্তা উন্নয়ন এবং মাটি দ্বারা প্রশস্তকরণ।	৭১০০০০০.০০	১৬০০০০.০০	২৫০০.০০	১৫০
৬৪	GCC/ Z- 03/02/ 2017- 18/R- 64	ক) সামান্তপুর কাদিরের দোকান হইতে চড়াই পশ্চিম পাড় পর্যন্ত সলিং রাস্তা নির্মাণ। খ) সামান্তপুর পশ্চিমপাড়া জামে মসজিদ হইতে আবু মিয়ার বাড়ি পর্যন্ত এইচবিবি রাস্তা নির্মাণ, গ) সামান্তপুর পশ্চিমপাড়া কাপেটিং হইতে জামালের বাড়ি, পশ্চিমে হারুনের বাড়ি, কাজী সিদ্দিকের বাড়ি, কাজী ইসলাম মিয়ার বাড়ি, শাহজালালের বাড়ি, খালেকের বাড়ি, বীর মুক্তিযোদ্ধা কাদের মিয়ার বাড়ি, পূর্বদিকে জলিলের বাড়ি, দক্ষিণে নুরুল ইসলামের বাড়ি, রমিজের বাড়ি, সাংবাদিক মাসুদের বাড়ি, রেজিয়ার বাড়ি, ইব্রাহিমের বাড়ি, সামান্তপুর পশ্চিমপাড়া জামে মসজিদ হইতে উত্তর দিকে আসমত আলীর বাড়ি, আহমেদ আলীর বাড়ি, জামাতের আলীর বাড়ি, হোসেনের বাড়ি, দক্ষিণ বাড়ি ও জালাল উদ্দিনের বাড়ির রাস্তা সিসিকরণ। ঘ) সামান্তপুর মধ্য পাড়া কালাম মিয়ার বাড়ি হইতে সেলিম, জলিল ও খায়ের বাড়ির রাস্তা সিসিকরণ, সামান্তপুর পশ্চিমপাড়া জামে মসজিদ হতে পূর্ব পার্শ্বে সলিং রাস্তা সিসিকরণ, সামান্তপুর ও কাঞ্চনের বাড়ির রাস্তা সিসিকরণ ঙ) সামান্তপুর ইবনে আব্বাস (রাঃ) আরাবিয়া হাফিজিয়া মাদ্রাসা ও এতিমখানার পুকুরের সেপটিক ট্যাংক নির্মাণ।	৭০০০০০০.০০	১৬০০০০.০০	২৫০০.০০	১৫০
৬৫	GCC/ Z- 03/02/ 2017- 18/R- 65	ক) হাজীবাগ পুকুরের উত্তর পাড় মাটি ভরাটকরণ, রাজিয়া সুলতানা স্কুলের সলিং রাস্তা মেরামতকরণ। খ) ছোট দেওড়া পূর্বপাড়া হাজী গিয়াস উদ্দিন মাস্টার বাড়ির রাস্তা হইতে পশ্চিম দিকে মুক্তিযোদ্ধা আবুল হোসেনের বাড়ির সামনে হয়ে রোকমানার বাড়ি পর্যন্ত মাটির রাস্তা নির্মাণ, তোড়া তাঃ খলিলের বাড়ির পূর্ব পাশ দিয়া দক্ষিণ দিকে রাস্তা নির্মাণ। গ) ছোট দেওড়া স্কুল মেরামত ও প্রশস্তকরণ, নাসির মাস্টার বাড়ির রাস্তা। ঘ) ছোট দেওড়া আম গাছের পুকুরের পশ্চিম, উত্তর ও পূর্বপার প্যালাসাইডিং, ছোট দেওড়া আবদুল্লাহর বাড়ির সামনে হয়ে পশ্চিম দিকে আইয়াল ফাউন্ডেশনের বাড়ির সলিং রাস্তা, ছোট দেওড়া হাজী নজরুলের বাড়ির রাস্তা নির্মাণ, ছোট দেওড়া আমান উল্লাহর বাড়ির রাস্তা, ছোট দেওড়া আয়নাল হোসেনের বাড়ির রাস্তা সিসিকরণ। ঙ) ছোট দেওড়া হাজী দুলাল মাস্টার বাড়ির রাস্তা, ছোট দেওড়া মোল্লা বাড়ির রাস্তা, ছোট দেওড়া শাহজালাল পাড়া, নুরুর বাড়ির রাস্তা, বাবুল মোল্লার বাড়ির রাস্তা, আলী রহমানের বাড়ির রাস্তা। চ) ছোট দেওড়া শাহজালাল বাড়ির রাস্তা, ছোট দেওড়া (কাজী বাড়ি) হাসমতের বাড়ির পূর্ব পাশে আরসিসি পাইপ ড্রেন, ছোট দেওড়া পূর্বপাড়া (বাঁশতলা) এলাকায় পিভিসি পাইপ ড্রেন নির্মাণ। ছ) ছোট দেওড়া স্কুল মাঠের রাস্তা নির্মাণ। জয়দেবপুর টু ধীরাশ্রম কাপেটিং হইতে (সামান্তপুর) পশ্চিমপাড়া ইব্রাহিমের বাড়ি, আল-আমিনের বাড়ি, ইব্রাহীম ও আমানের বাড়ির রাস্তা সিসিকরণ। জ) সামান্তপুর পূর্বপাড়া ইব্রাহিমের বাড়ির রাস্তা সিসিকরণ, পশ্চিম ভবনপাড়া সামান্তপুর নুরুর বাড়ির সলিং রাস্তা সিসিকরণ।	৫০০০০০০.০০	১২০০০০.০০	২০০০.০০	১৫০
৬৬	GCC/ Z- 03/02/ 2017- 18/R- 66	পার্ট-০১ ঃ বাঙ্গালগাছ মেইন রাস্তা হতে পশ্চিম দিকে আবদুল্লাহ এর বাড়ির সলিং রাস্তা সিসিকরণ। ক) বাঙ্গালগাছ মেইন রাস্তা, বাহর বাড়ির রাস্তা, রানার বাড়ির রাস্তা এবং সেলিমের বাড়ির রাস্তা সিসিকরণ খ) বারহাটি শাহ পাড়া আফজালের বাড়ির রাস্তা। পার্ট-০২ ঃ ক) কসবা মেহাদী উদ্দিন মিয়া বাড়ির রাস্তা সিসিকরণ, বাহর বাড়ির রাস্তা, উত্তর মুখা বাড়ির রাস্তা সিসিকরণ। খ) বাঙ্গালগাছ আবদুল্লাহ ও আকতার হোসেনের বাড়ির রাস্তা সিসিকরণ গ) বাঙ্গালগাছ মেইন রাস্তা হতে সুমনা বাবুর বাড়ির রাস্তা সিসিকরণ ঘ) বালুচরকুলী লোকমান, আলম ও রাসেলের বাড়ির রাস্তা সিসিকরণ ঙ) বালুচরকুলী সোহেল হোসেন বাবুর বাড়ির রাস্তা সিসিকরণ চ) বালুচরকুলী সেলিম মোল্লা ও মনিরের বাড়ির রাস্তা সিসিকরণ ছ) বালুচরকুলী সাহেবের বাড়ির ফকিরের বাড়ির রাস্তা সিসিকরণ।	৩২০০০০০.০০	৭৫০০০.০০	২০০০.০০	১৫০
৬৭	GCC/ Z- 03/02/ 2017- 18/R- 67	পার্ট-০১ ঃ ক) দক্ষিণ নীলেরপাড়া মুরগীর ফার্ম পর্যন্ত রাস্তা সলিংকরণ খ) দক্ষিণ নীলেরপাড়া বাশিরুর ও নাসিরের বাড়ির রাস্তা সলিংকরণ। পার্ট-০২ ঃ ক) নীলেরপাড়া পুরাতন কলা বাগান মেইন রাস্তা হতে পশ্চিম দিকে আফজালের বাড়ির সলিং রাস্তা সিসিকরণ খ) নীলেরপাড়া সাইফুলের বাড়ির রাস্তা সিসিকরণ গ) মাহবুবের বাড়ির রাস্তা সিসিকরণ। পার্ট-০৩ ঃ নীলেরপাড়া ডিঃ রহমানের বাড়ির রাস্তা সিসিকরণ। পার্ট-০৪ ঃ ক) নীলেরপাড়া হাজী গ্রিল, থাইগ্লাস ও টাইলস নির্মাণ নীলেরপাড়া স্কুল রাস্তা হতে নাছির বাড়ীর রাস্তা হতে সাংবাদিক রফিকের বাড়ির রাস্তা সিসিকরণ খ) নীলেরপাড়া কাপেটিং রাস্তা হতে দক্ষিণ দিকে সাইফুলের বাড়ির রাস্তা সিসিকরণ গ) নীলেরপাড়া আলমগীর মাস্টারের বাড়ির রাস্তা সিসিকরণ ঘ) নীলেরপাড়া মরহুম আহসান মোল্লার বাড়ির রাস্তা সিসিকরণ ঙ) নীলেরপাড়া নয়ন সাহেবের বাড়ি হতে হাবিবুর রহমানের বাড়ির রাস্তা সিসিকরণ চ) নীলেরপাড়া মজিবুরের বাড়ি হতে পশ্চিম দিকে মাটির রাস্তা সিসিকরণ ছ) নীলেরপাড়া কেরামতের বাড়ির সলিং রাস্তা সিসিকরণ।	২৫৫১০০০.০০	৬২০০০.০০	২০০০.০০	১৫০
(এরপর ৭-এর পাতা দেখুন)
